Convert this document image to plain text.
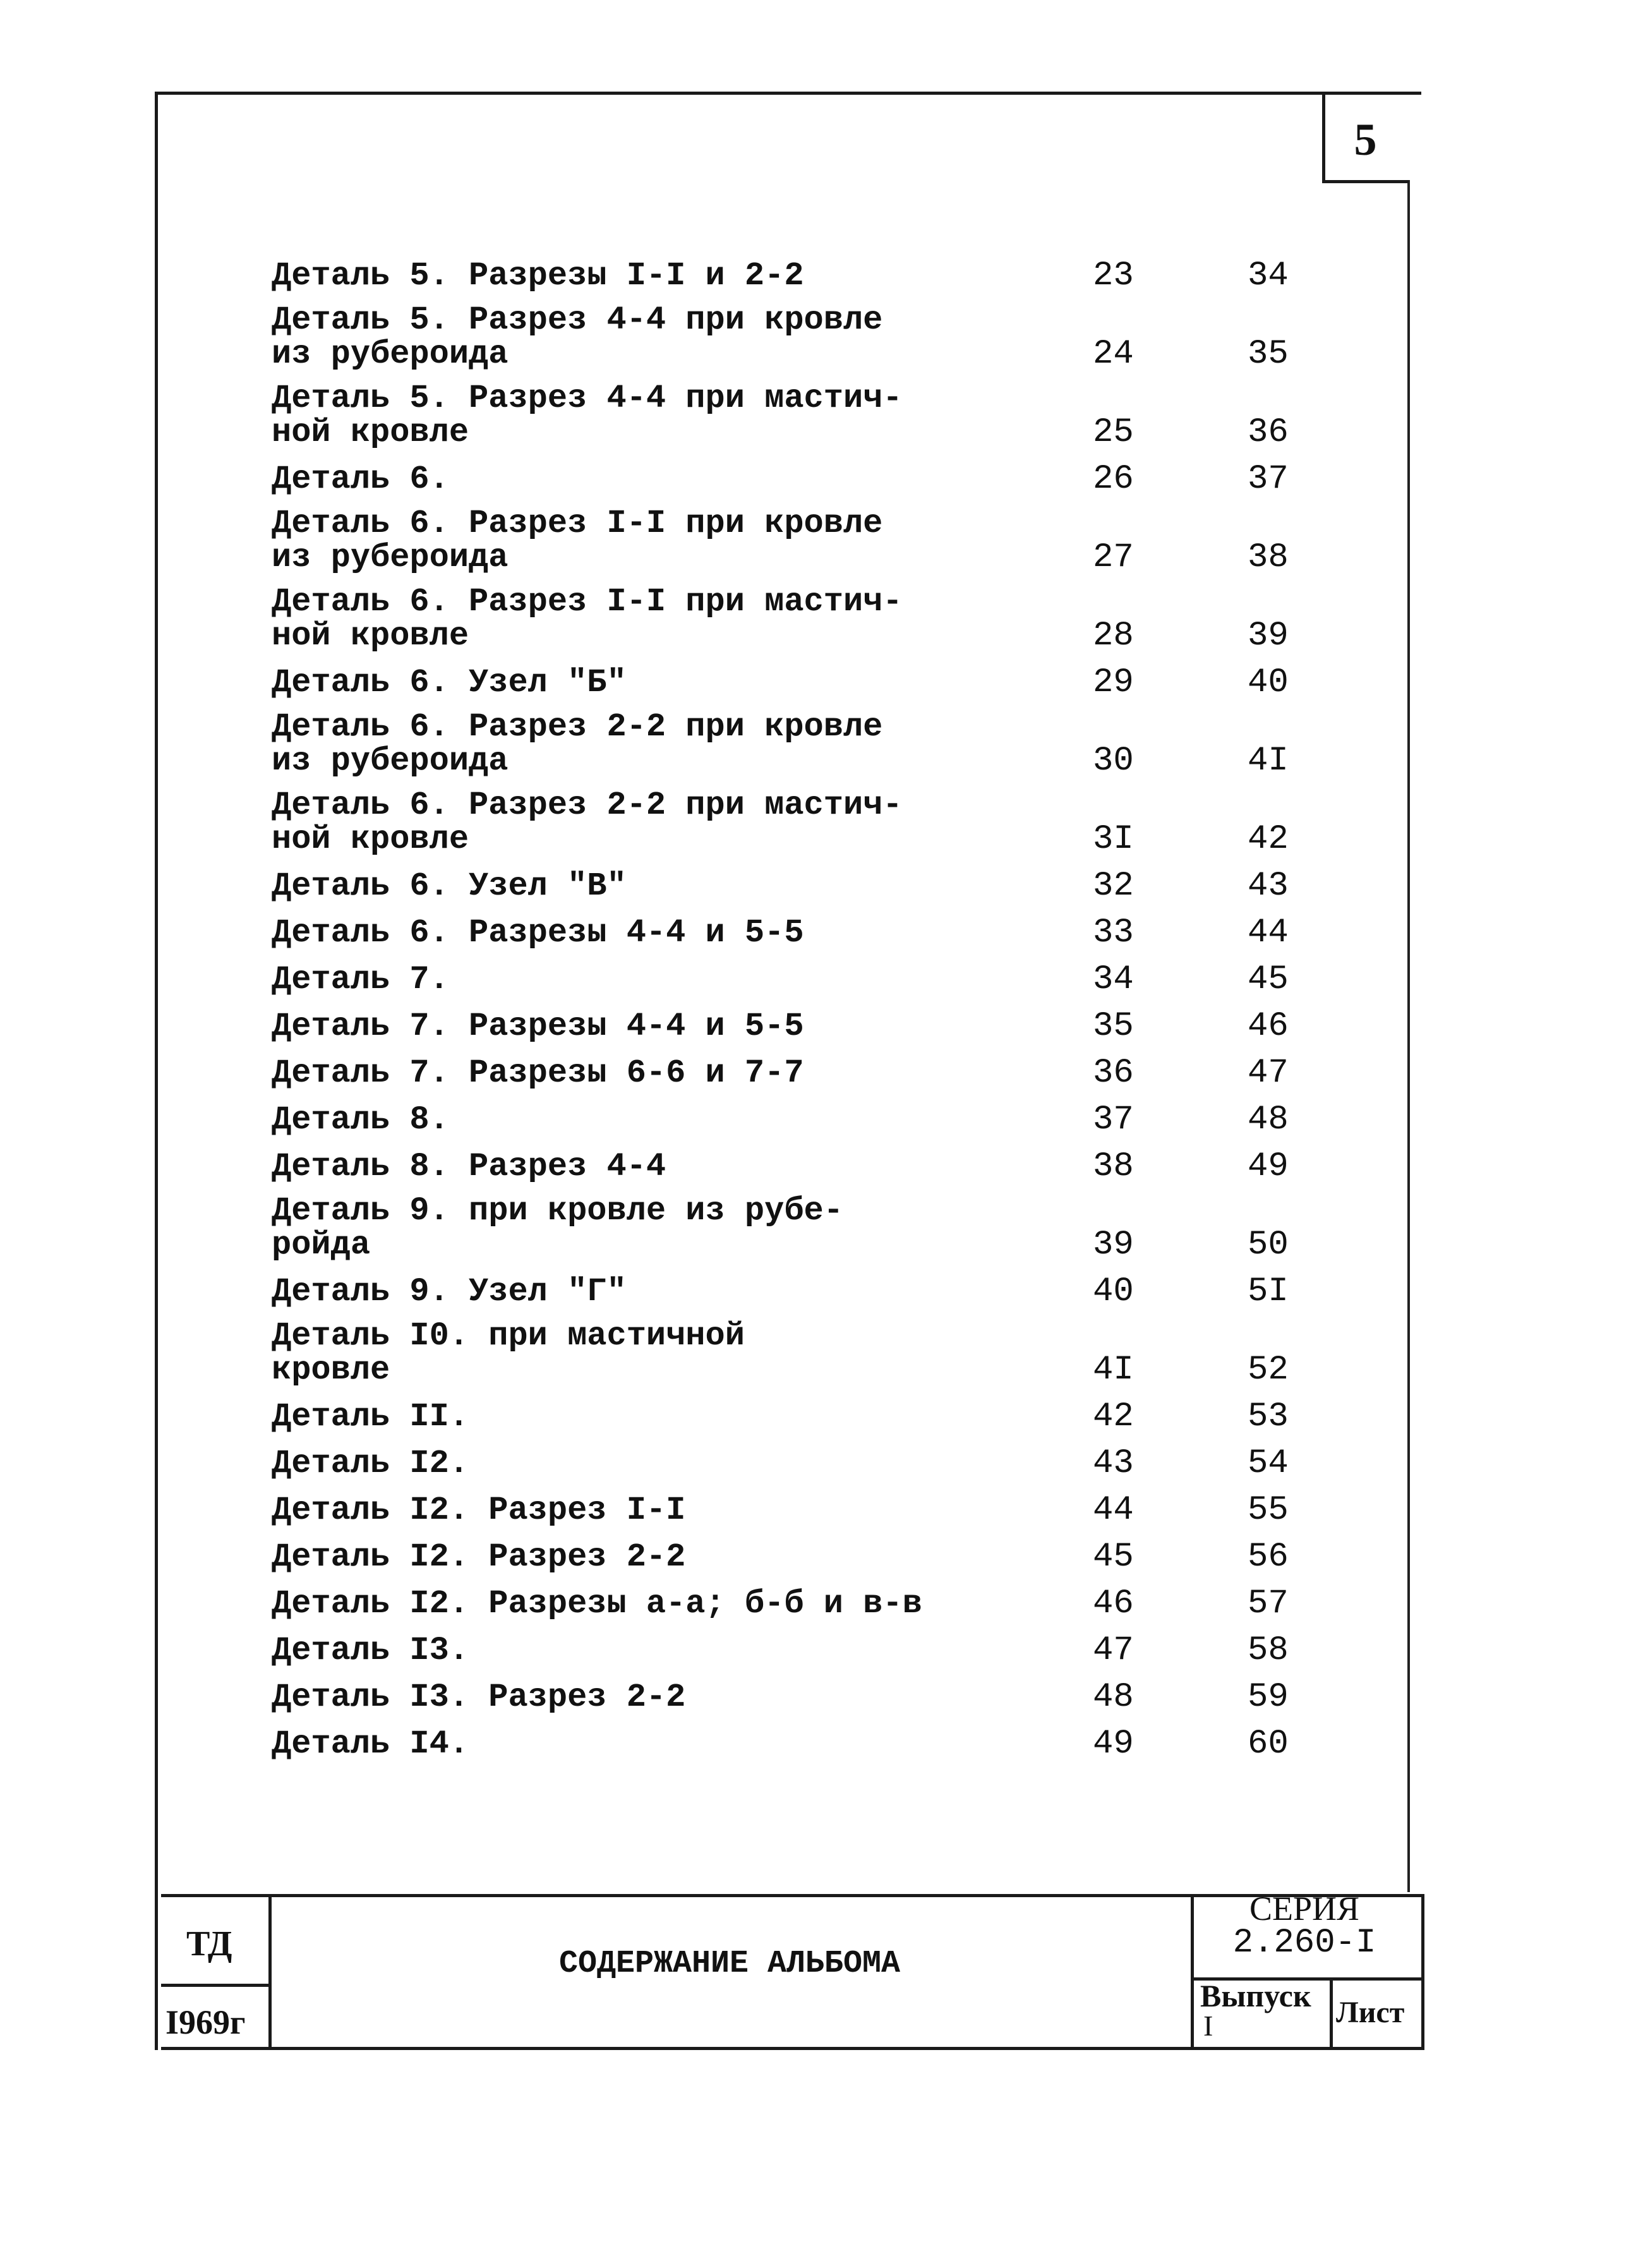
5
Деталь 5. Разрезы I-I и 2-2	23	34
Деталь 5. Разрез 4-4 при кровле
из рубероида	24	35
Деталь 5. Разрез 4-4 при мастич-
ной кровле	25	36
Деталь 6.	26	37
Деталь 6. Разрез I-I при кровле
из рубероида	27	38
Деталь 6. Разрез I-I при мастич-
ной кровле	28	39
Деталь 6. Узел "Б"	29	40
Деталь 6. Разрез 2-2 при кровле
из рубероида	30	4I
Деталь 6. Разрез 2-2 при мастич-
ной кровле	3I	42
Деталь 6. Узел "В"	32	43
Деталь 6. Разрезы 4-4 и 5-5	33	44
Деталь 7.	34	45
Деталь 7. Разрезы 4-4 и 5-5	35	46
Деталь 7. Разрезы 6-6 и 7-7	36	47
Деталь 8.	37	48
Деталь 8. Разрез 4-4	38	49
Деталь 9. при кровле из рубе-
ройда	39	50
Деталь 9. Узел "Г"	40	5I
Деталь I0. при мастичной
кровле	4I	52
Деталь II.	42	53
Деталь I2.	43	54
Деталь I2. Разрез I-I	44	55
Деталь I2. Разрез 2-2	45	56
Деталь I2. Разрезы а-а; б-б и в-в	46	57
Деталь I3.	47	58
Деталь I3. Разрез 2-2	48	59
Деталь I4.	49	60
ТД
I969г
СОДЕРЖАНИЕ АЛЬБОМА
СЕРИЯ
2.260-I
Выпуск
I	Лист
